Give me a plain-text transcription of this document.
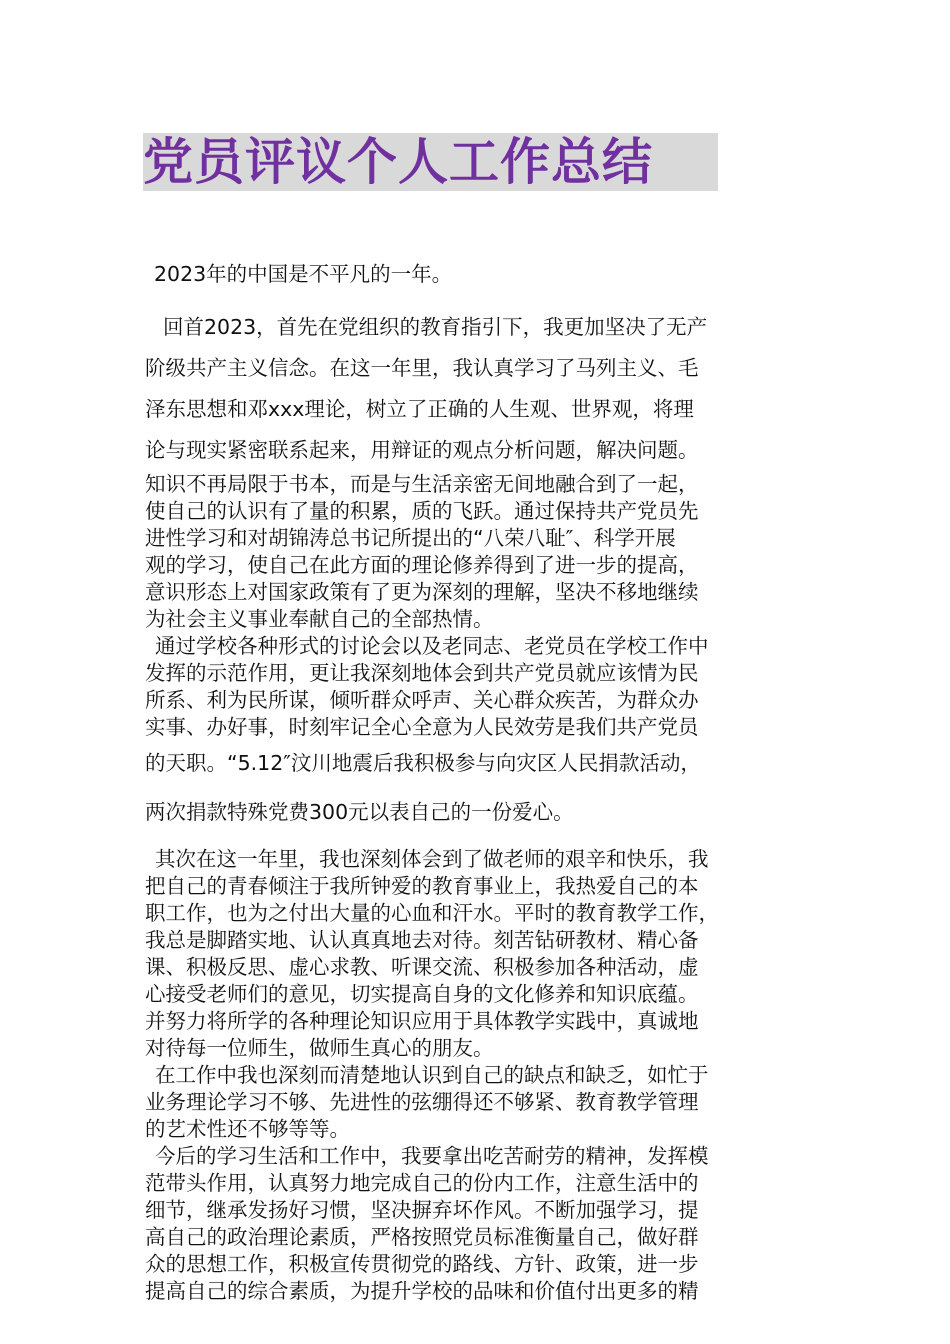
党员评议个人工作总结
2023年的中国是不平凡的一年。
回首2023，首先在党组织的教育指引下，我更加坚决了无产
阶级共产主义信念。在这一年里，我认真学习了马列主义、毛
泽东思想和邓xxx理论，树立了正确的人生观、世界观，将理
论与现实紧密联系起来，用辩证的观点分析问题，解决问题。
知识不再局限于书本，而是与生活亲密无间地融合到了一起，
使自己的认识有了量的积累，质的飞跃。通过保持共产党员先
进性学习和对胡锦涛总书记所提出的“八荣八耻″、科学开展
观的学习，使自己在此方面的理论修养得到了进一步的提高，
意识形态上对国家政策有了更为深刻的理解，坚决不移地继续
为社会主义事业奉献自己的全部热情。
通过学校各种形式的讨论会以及老同志、老党员在学校工作中
发挥的示范作用，更让我深刻地体会到共产党员就应该情为民
所系、利为民所谋，倾听群众呼声、关心群众疾苦，为群众办
实事、办好事，时刻牢记全心全意为人民效劳是我们共产党员
的天职。“5.12″汶川地震后我积极参与向灾区人民捐款活动，
两次捐款特殊党费300元以表自己的一份爱心。
其次在这一年里，我也深刻体会到了做老师的艰辛和快乐，我
把自己的青春倾注于我所钟爱的教育事业上，我热爱自己的本
职工作，也为之付出大量的心血和汗水。平时的教育教学工作，
我总是脚踏实地、认认真真地去对待。刻苦钻研教材、精心备
课、积极反思、虚心求教、听课交流、积极参加各种活动，虚
心接受老师们的意见，切实提高自身的文化修养和知识底蕴。
并努力将所学的各种理论知识应用于具体教学实践中，真诚地
对待每一位师生，做师生真心的朋友。
在工作中我也深刻而清楚地认识到自己的缺点和缺乏，如忙于
业务理论学习不够、先进性的弦绷得还不够紧、教育教学管理
的艺术性还不够等等。
今后的学习生活和工作中，我要拿出吃苦耐劳的精神，发挥模
范带头作用，认真努力地完成自己的份内工作，注意生活中的
细节，继承发扬好习惯，坚决摒弃坏作风。不断加强学习，提
高自己的政治理论素质，严格按照党员标准衡量自己，做好群
众的思想工作，积极宣传贯彻党的路线、方针、政策，进一步
提高自己的综合素质，为提升学校的品味和价值付出更多的精
